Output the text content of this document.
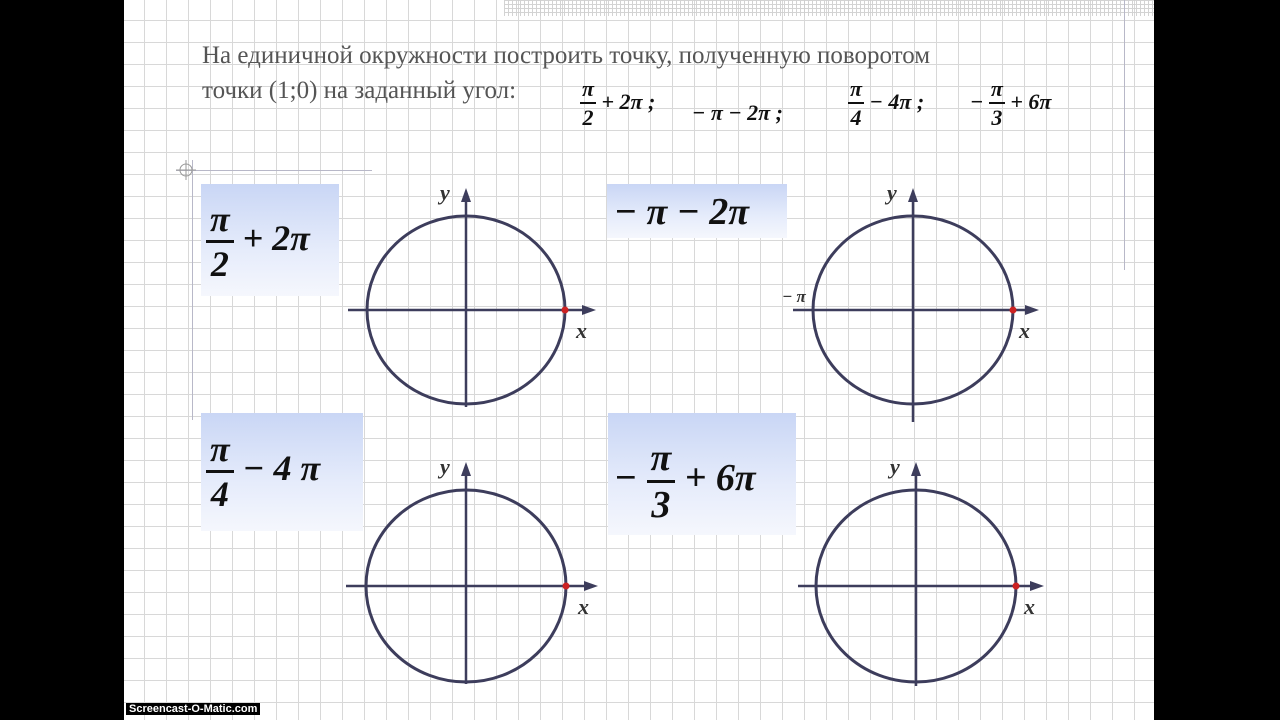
На единичной окружности построить точку, полученную поворотом
точки (1;0) на заданный угол:	$\frac{\pi}{2} + 2\pi$ ; − π − 2π ;	$\frac{\pi}{4} - 4\pi$ ; − $\frac{\pi}{3} + 6\pi$
$\frac{\pi}{2} + 2\pi$
− π − 2π
$\frac{\pi}{4} - 4$ π	− $\frac{\pi}{3} + 6\pi$
x
y
x
y
− π
x
y
x
y
Screencast-O-Matic.com
